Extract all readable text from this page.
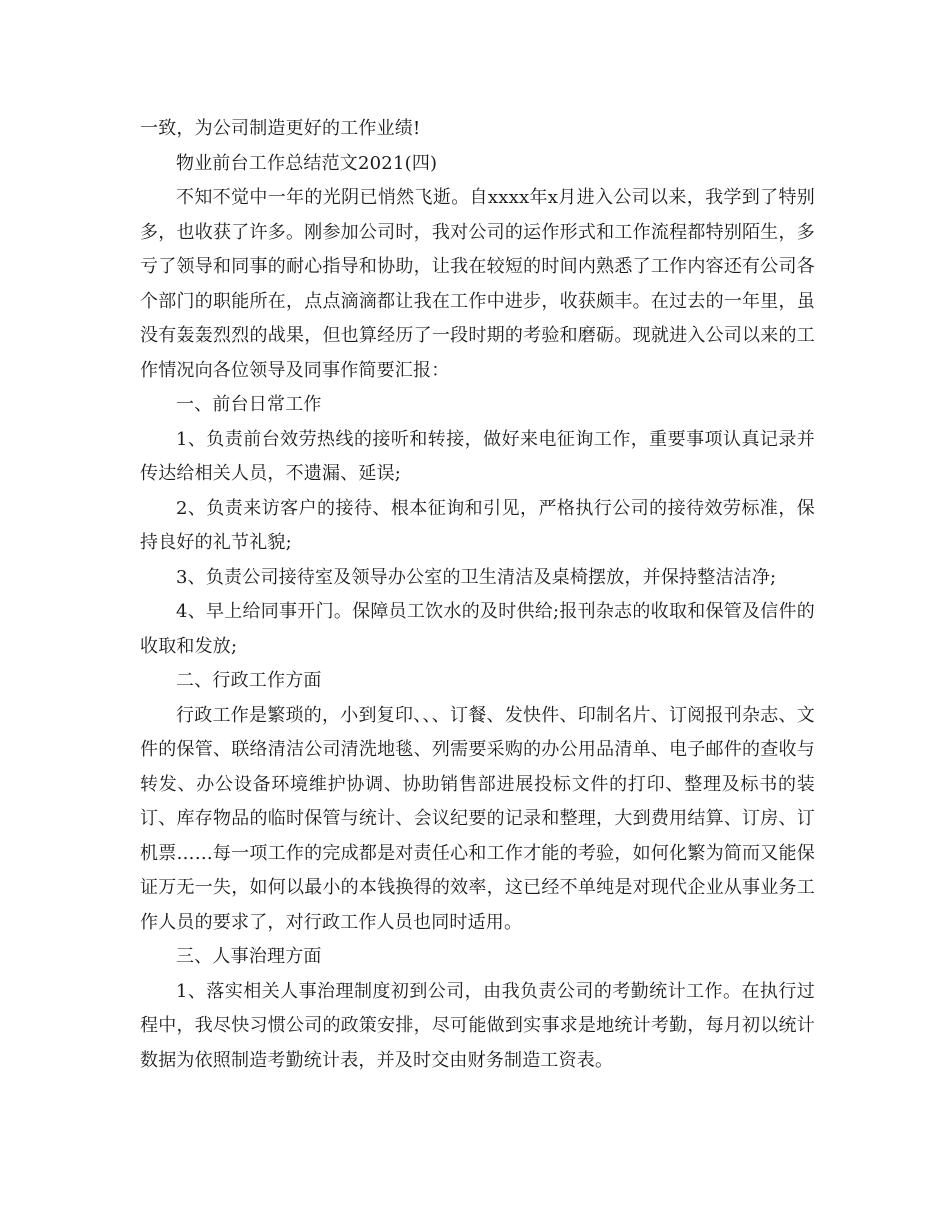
一致，为公司制造更好的工作业绩!

物业前台工作总结范文2021(四)

不知不觉中一年的光阴已悄然飞逝。自xxxx年x月进入公司以来，我学到了特别多，也收获了许多。刚参加公司时，我对公司的运作形式和工作流程都特别陌生，多亏了领导和同事的耐心指导和协助，让我在较短的时间内熟悉了工作内容还有公司各个部门的职能所在，点点滴滴都让我在工作中进步，收获颇丰。在过去的一年里，虽没有轰轰烈烈的战果，但也算经历了一段时期的考验和磨砺。现就进入公司以来的工作情况向各位领导及同事作简要汇报：

一、前台日常工作

1、负责前台效劳热线的接听和转接，做好来电征询工作，重要事项认真记录并传达给相关人员，不遗漏、延误;

2、负责来访客户的接待、根本征询和引见，严格执行公司的接待效劳标准，保持良好的礼节礼貌;

3、负责公司接待室及领导办公室的卫生清洁及桌椅摆放，并保持整洁洁净;

4、早上给同事开门。保障员工饮水的及时供给;报刊杂志的收取和保管及信件的收取和发放;

二、行政工作方面

行政工作是繁琐的，小到复印、、、订餐、发快件、印制名片、订阅报刊杂志、文件的保管、联络清洁公司清洗地毯、列需要采购的办公用品清单、电子邮件的查收与转发、办公设备环境维护协调、协助销售部进展投标文件的打印、整理及标书的装订、库存物品的临时保管与统计、会议纪要的记录和整理，大到费用结算、订房、订机票……每一项工作的完成都是对责任心和工作才能的考验，如何化繁为简而又能保证万无一失，如何以最小的本钱换得的效率，这已经不单纯是对现代企业从事业务工作人员的要求了，对行政工作人员也同时适用。

三、人事治理方面

1、落实相关人事治理制度初到公司，由我负责公司的考勤统计工作。在执行过程中，我尽快习惯公司的政策安排，尽可能做到实事求是地统计考勤，每月初以统计数据为依照制造考勤统计表，并及时交由财务制造工资表。
